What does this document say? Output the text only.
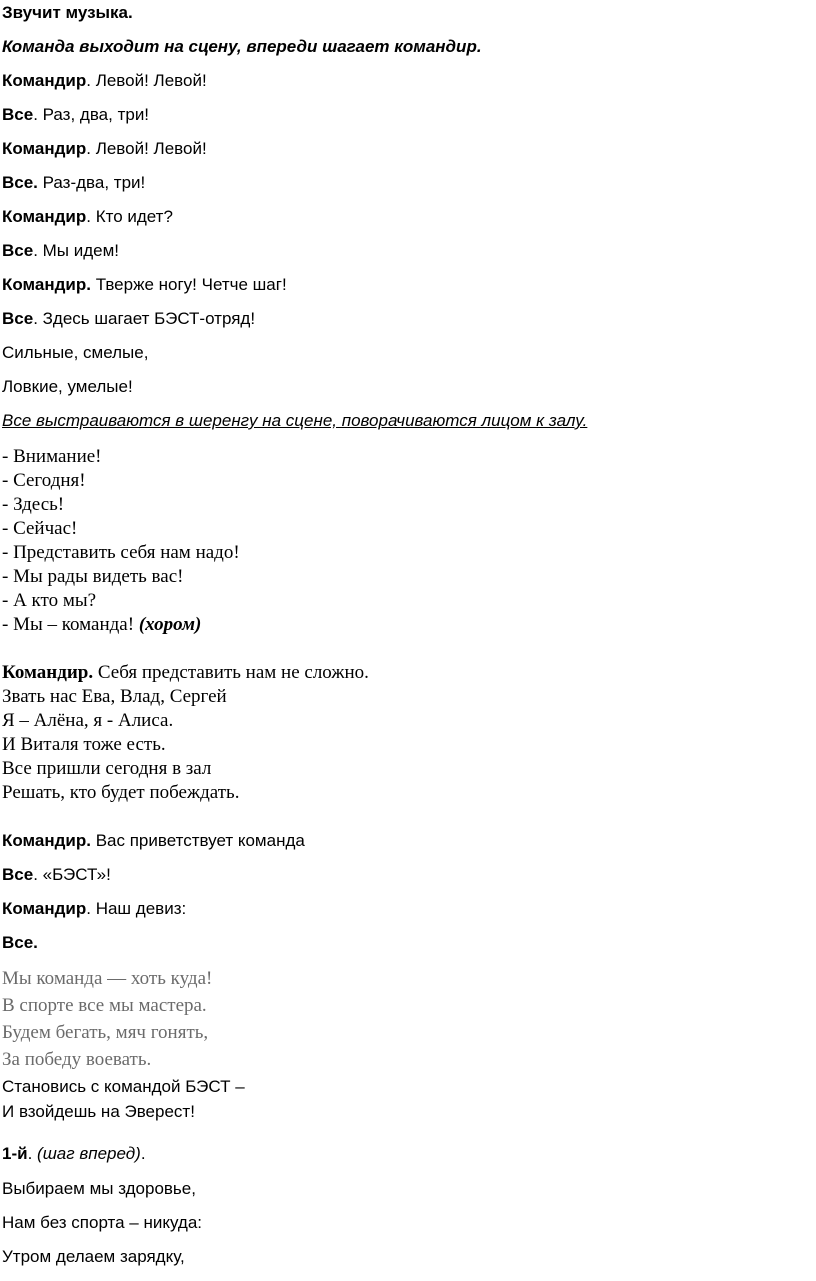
Звучит музыка.
Команда выходит на сцену, впереди шагает командир.
Командир. Левой! Левой!
Все. Раз, два, три!
Командир. Левой! Левой!
Все. Раз-два, три!
Командир. Кто идет?
Все. Мы идем!
Командир. Тверже ногу! Четче шаг!
Все. Здесь шагает БЭСТ-отряд!
Сильные, смелые,
Ловкие, умелые!
Все выстраиваются в шеренгу на сцене, поворачиваются лицом к залу.
- Внимание!
- Сегодня!
- Здесь!
- Сейчас!
- Представить себя нам надо!
- Мы рады видеть вас!
- А кто мы?
- Мы – команда! (хором)
Командир. Себя представить нам не сложно.
Звать нас Ева, Влад, Сергей
Я – Алёна, я - Алиса.
И Виталя тоже есть.
Все пришли сегодня в зал
Решать, кто будет побеждать.
Командир. Вас приветствует команда
Все. «БЭСТ»!
Командир. Наш девиз:
Все.
Мы команда — хоть куда!
В спорте все мы мастера.
Будем бегать, мяч гонять,
За победу воевать.
Становись с командой БЭСТ –
И взойдешь на Эверест!
1-й. (шаг вперед).
Выбираем мы здоровье,
Нам без спорта – никуда:
Утром делаем зарядку,
